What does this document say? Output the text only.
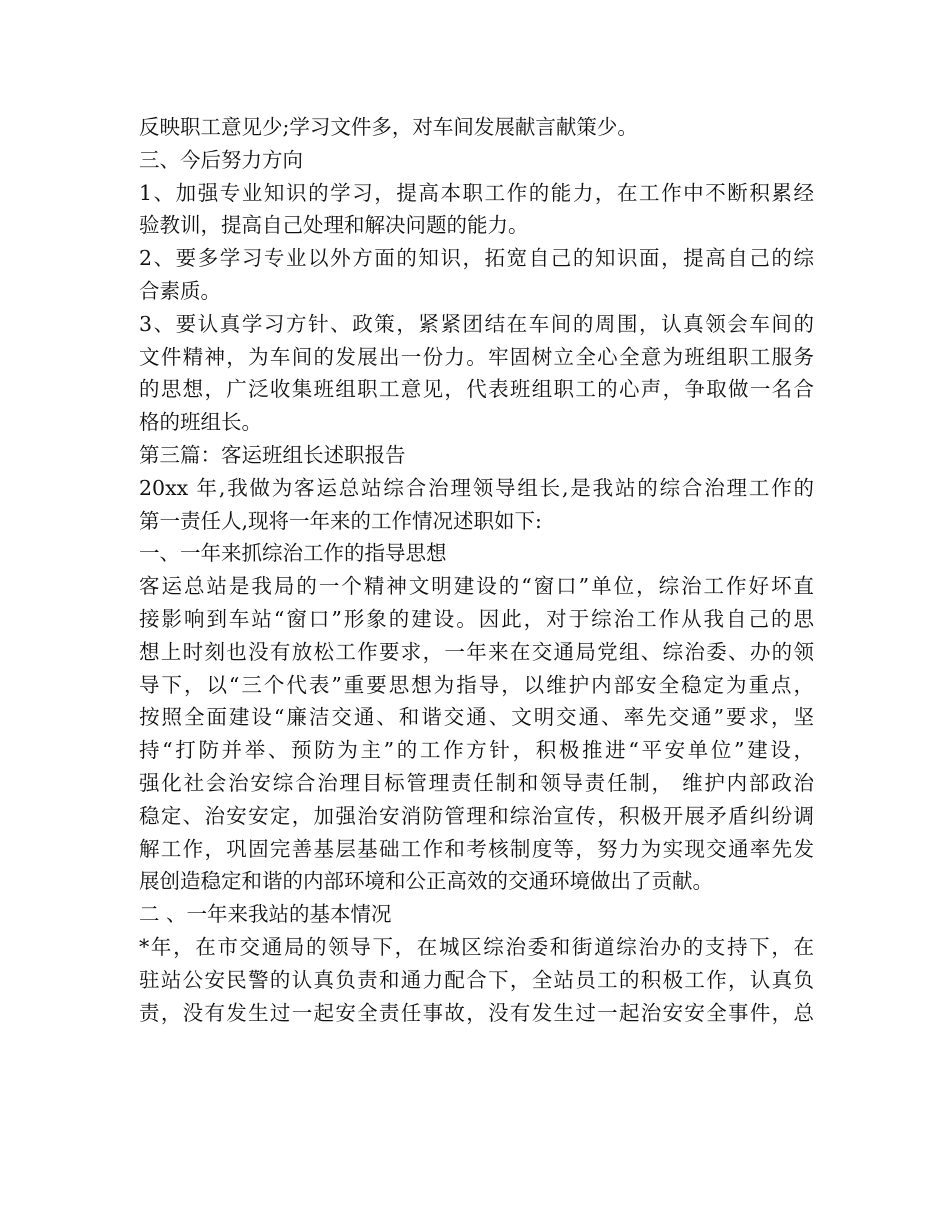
反映职工意见少;学习文件多，对车间发展献言献策少。
三、今后努力方向
1、加强专业知识的学习，提高本职工作的能力，在工作中不断积累经
验教训，提高自己处理和解决问题的能力。
2、要多学习专业以外方面的知识，拓宽自己的知识面，提高自己的综
合素质。
3、要认真学习方针、政策，紧紧团结在车间的周围，认真领会车间的
文件精神，为车间的发展出一份力。牢固树立全心全意为班组职工服务
的思想，广泛收集班组职工意见，代表班组职工的心声，争取做一名合
格的班组长。
第三篇：客运班组长述职报告
20xx 年,我做为客运总站综合治理领导组长,是我站的综合治理工作的
第一责任人,现将一年来的工作情况述职如下:
一、一年来抓综治工作的指导思想
客运总站是我局的一个精神文明建设的“窗口”单位，综治工作好坏直
接影响到车站“窗口”形象的建设。因此，对于综治工作从我自己的思
想上时刻也没有放松工作要求，一年来在交通局党组、综治委、办的领
导下，以“三个代表”重要思想为指导，以维护内部安全稳定为重点，
按照全面建设“廉洁交通、和谐交通、文明交通、率先交通”要求，坚
持“打防并举、预防为主”的工作方针，积极推进“平安单位”建设，
强化社会治安综合治理目标管理责任制和领导责任制， 维护内部政治
稳定、治安安定，加强治安消防管理和综治宣传，积极开展矛盾纠纷调
解工作，巩固完善基层基础工作和考核制度等，努力为实现交通率先发
展创造稳定和谐的内部环境和公正高效的交通环境做出了贡献。
二 、一年来我站的基本情况
*年，在市交通局的领导下，在城区综治委和街道综治办的支持下，在
驻站公安民警的认真负责和通力配合下，全站员工的积极工作，认真负
责，没有发生过一起安全责任事故，没有发生过一起治安安全事件，总
